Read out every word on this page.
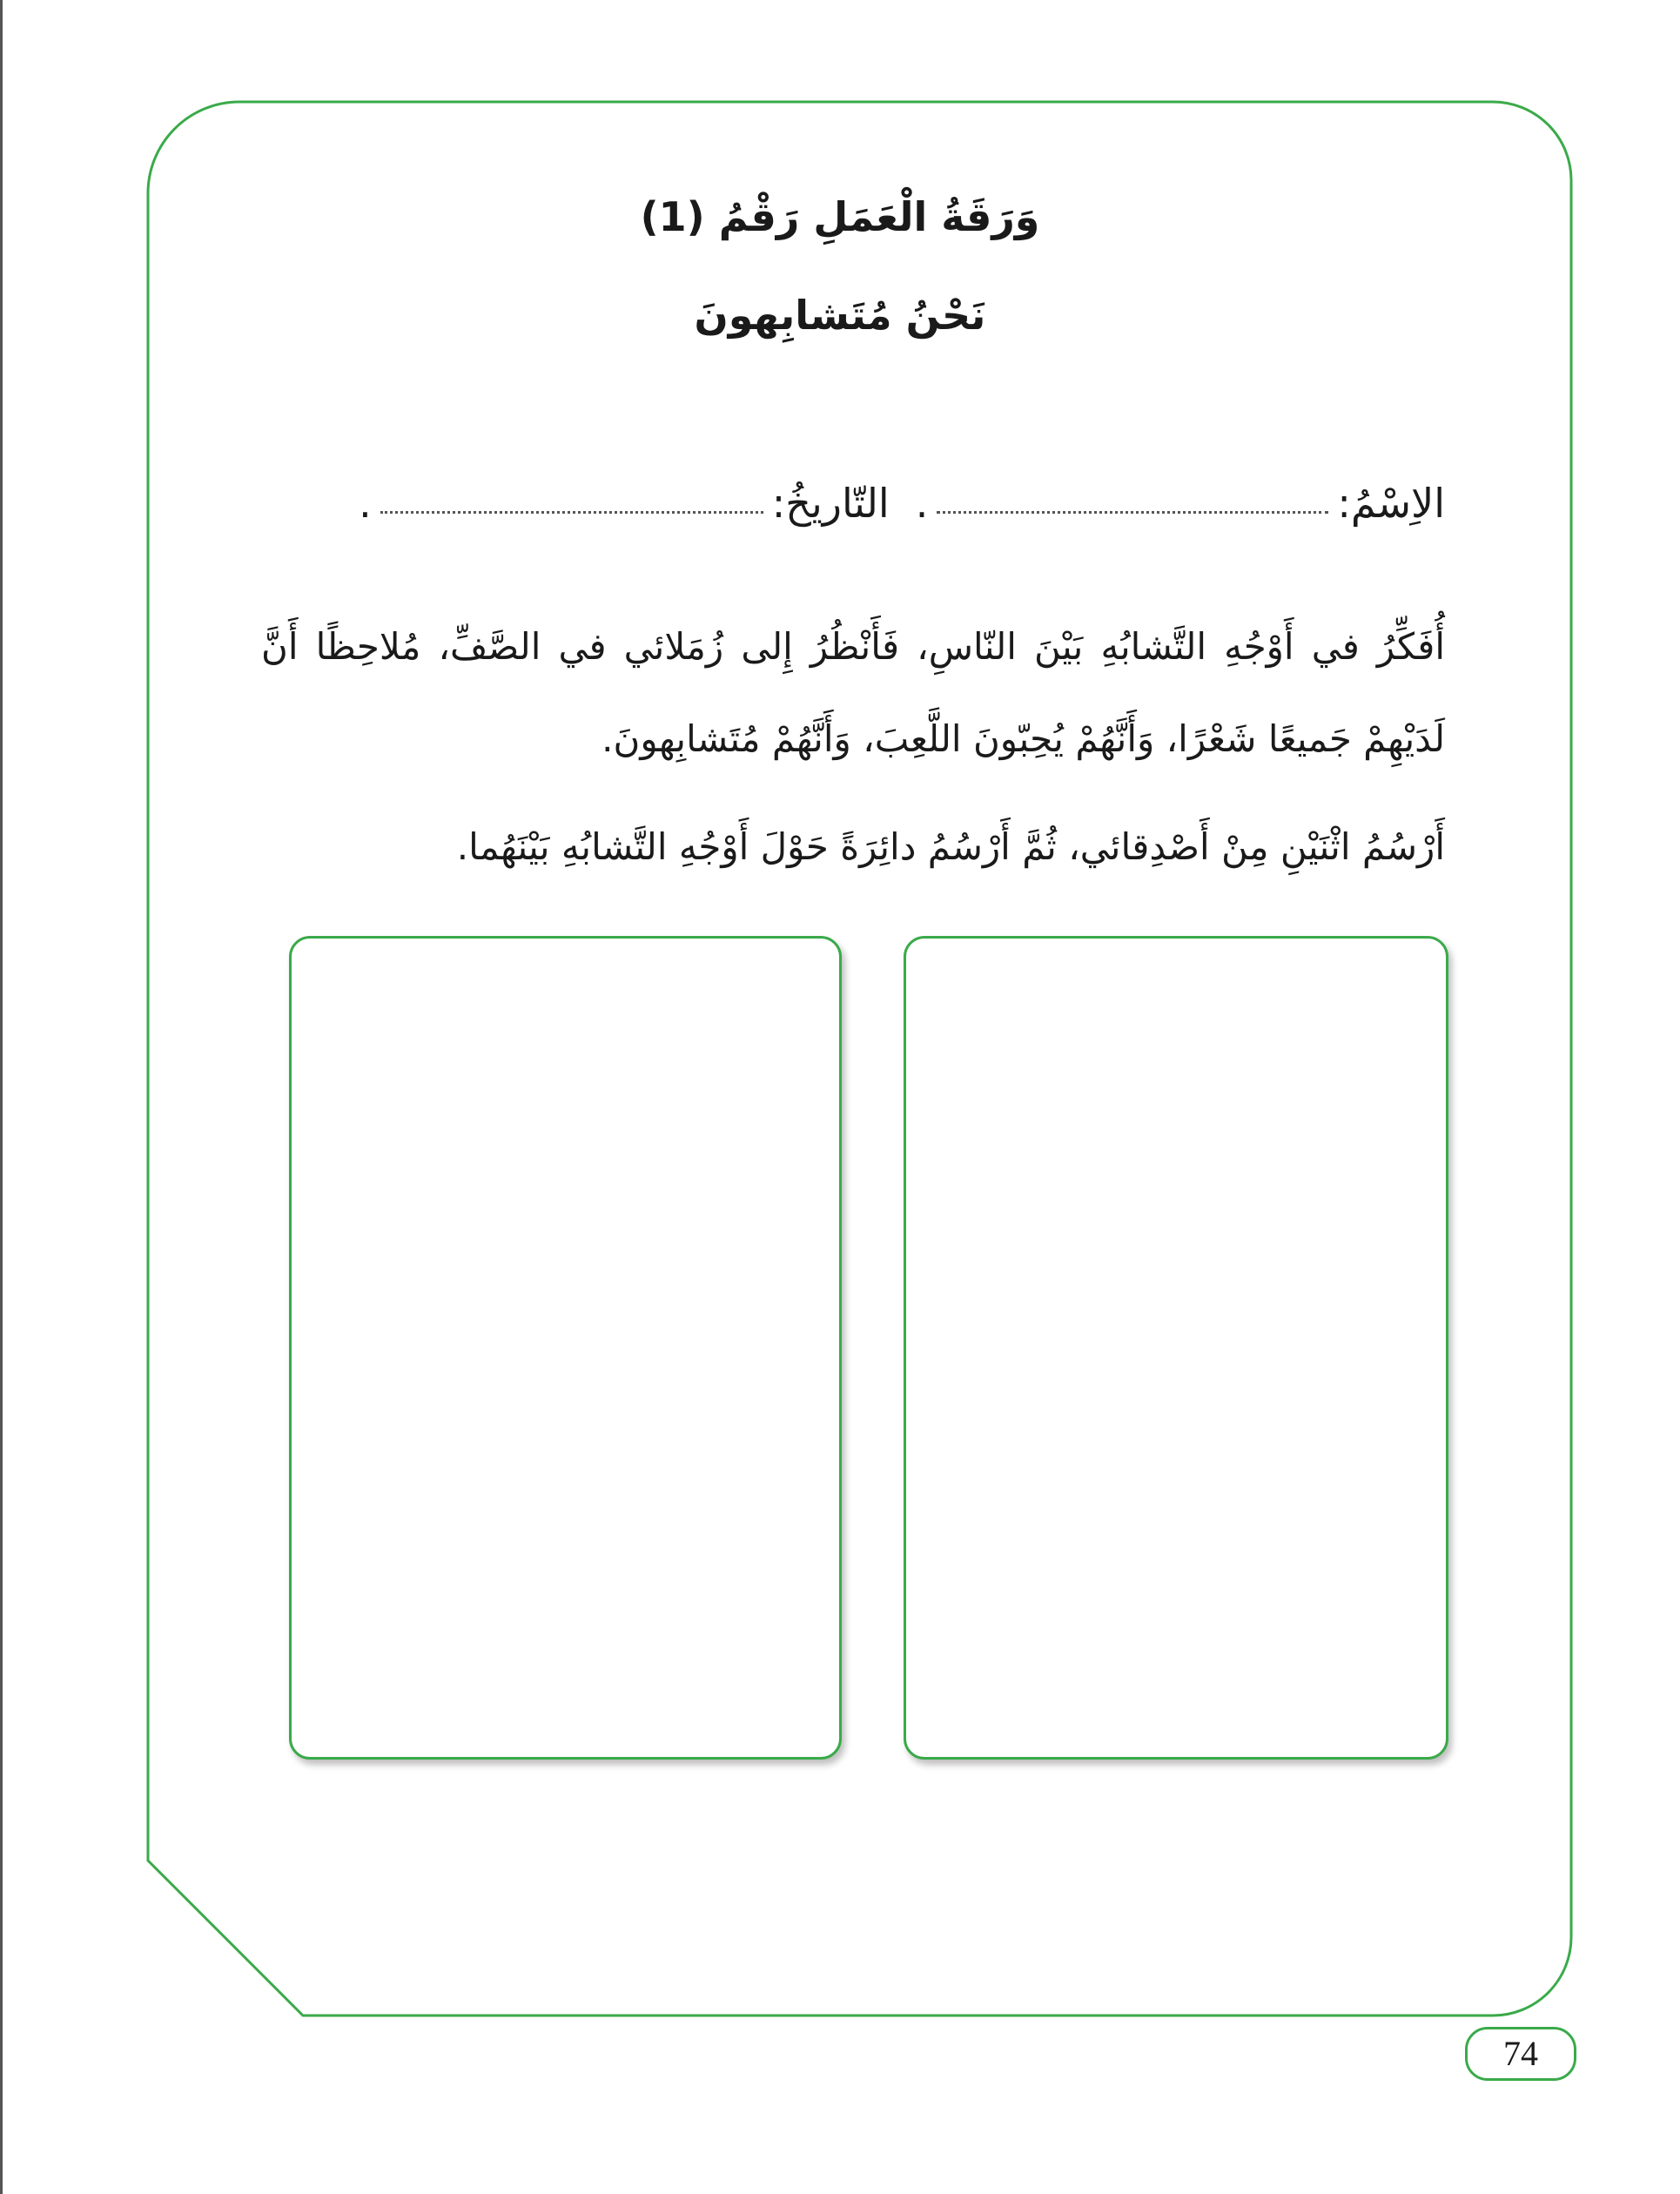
وَرَقَةُ الْعَمَلِ رَقْمُ (1)
نَحْنُ مُتَشابِهونَ
الاِسْمُ:
.
التّاريخُ:
.
أُفَكِّرُ في أَوْجُهِ التَّشابُهِ بَيْنَ النّاسِ، فَأَنْظُرُ إِلى زُمَلائي في الصَّفِّ، مُلاحِظًا أَنَّ لَدَيْهِمْ جَميعًا شَعْرًا، وَأَنَّهُمْ يُحِبّونَ اللَّعِبَ، وَأَنَّهُمْ مُتَشابِهونَ.
أَرْسُمُ اثْنَيْنِ مِنْ أَصْدِقائي، ثُمَّ أَرْسُمُ دائِرَةً حَوْلَ أَوْجُهِ التَّشابُهِ بَيْنَهُما.
74
